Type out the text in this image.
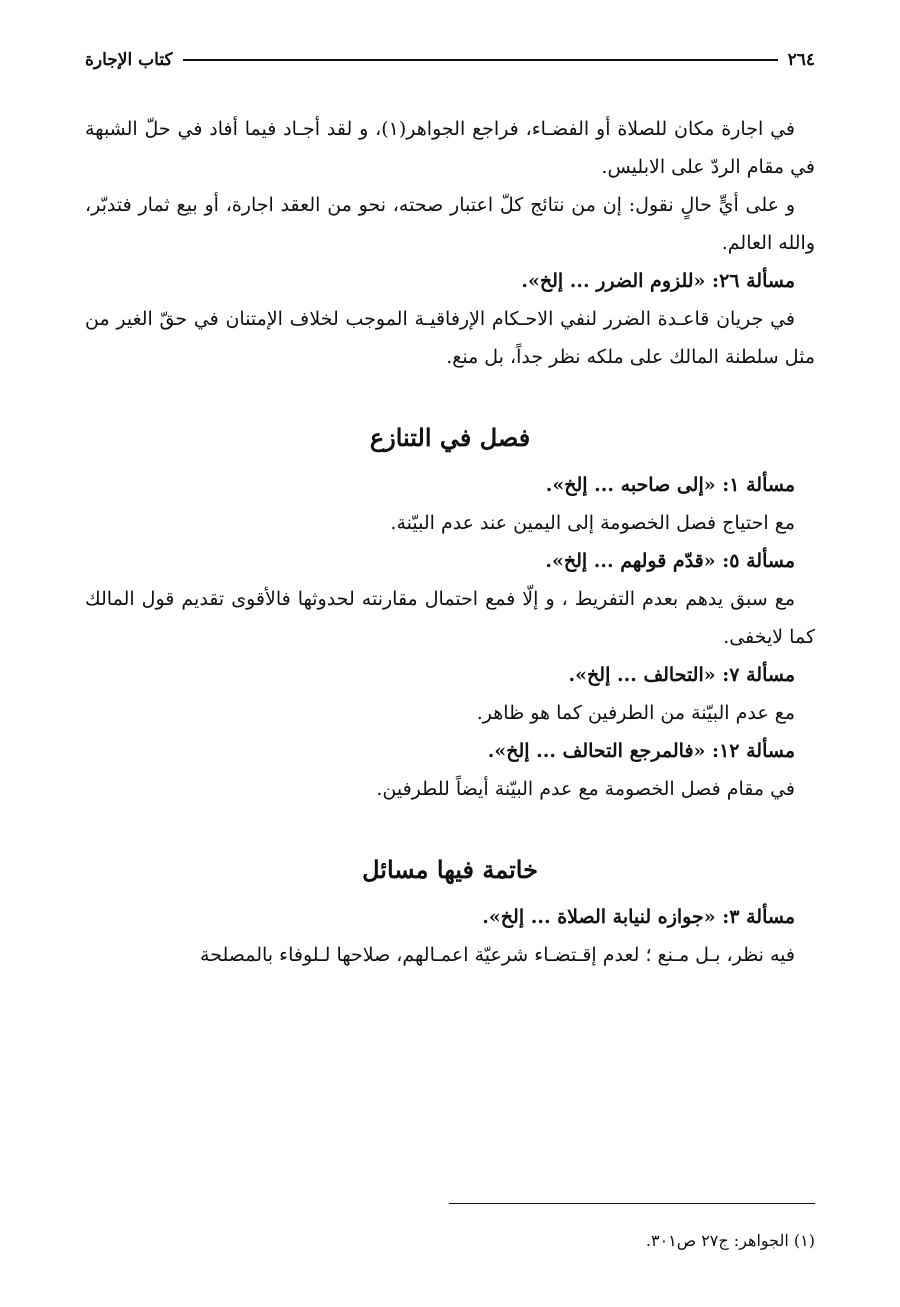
٢٦٤
كتاب الإجارة

في اجارة مكان للصلاة أو الفضـاء، فراجع الجواهر(١)، و لقد أجـاد فيما أفاد في حلّ الشبهة في مقام الردّ على الابليس.

و على أيٍّ حالٍ نقول: إن من نتائج كلّ اعتبار صحته، نحو من العقد اجارة، أو بيع ثمار فتدبّر، والله العالم.

مسألة ٢٦: «للزوم الضرر ... إلخ».

في جريان قاعـدة الضرر لنفي الاحـكام الإرفاقيـة الموجب لخلاف الإمتنان في حقّ الغير من مثل سلطنة المالك على ملكه نظر جداً، بل منع.

فصل في التنازع

مسألة ١: «إلى صاحبه ... إلخ».

مع احتياج فصل الخصومة إلى اليمين عند عدم البيّنة.

مسألة ٥: «قدّم قولهم ... إلخ».

مع سبق يدهم بعدم التفريط ، و إلّا فمع احتمال مقارنته لحدوثها فالأقوى تقديم قول المالك كما لايخفى.

مسألة ٧: «التحالف ... إلخ».

مع عدم البيّنة من الطرفين كما هو ظاهر.

مسألة ١٢: «فالمرجع التحالف ... إلخ».

في مقام فصل الخصومة مع عدم البيّنة أيضاً للطرفين.

خاتمة فيها مسائل

مسألة ٣: «جوازه لنيابة الصلاة ... إلخ».

فيه نظر، بـل مـنع ؛ لعدم إقـتضـاء شرعيّة اعمـالهم، صلاحها لـلوفاء بالمصلحة

(١) الجواهر: ج٢٧ ص٣٠١.
